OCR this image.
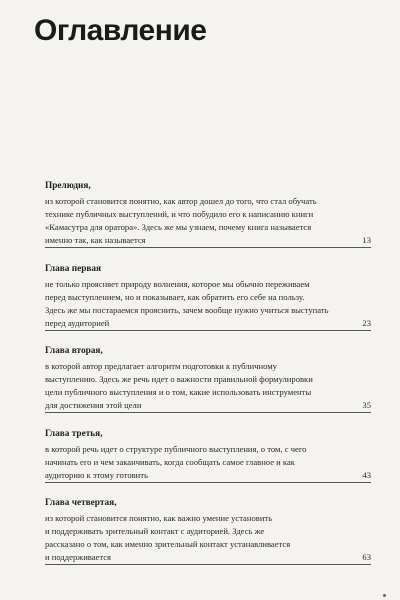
Оглавление
Прелюдия,
из которой становится понятно, как автор дошел до того, что стал обучать
технике публичных выступлений, и что побудило его к написанию книги
«Камасутра для оратора». Здесь же мы узнаем, почему книга называется
именно так, как называется	13
Глава первая
не только проясняет природу волнения, которое мы обычно переживаем
перед выступлением, но и показывает, как обратить его себе на пользу.
Здесь же мы постараемся прояснить, зачем вообще нужно учиться выступать
перед аудиторией	23
Глава вторая,
в которой автор предлагает алгоритм подготовки к публичному
выступлению. Здесь же речь идет о важности правильной формулировки
цели публичного выступления и о том, какие использовать инструменты
для достижения этой цели	35
Глава третья,
в которой речь идет о структуре публичного выступления, о том, с чего
начинать его и чем заканчивать, когда сообщать самое главное и как
аудиторию к этому готовить	43
Глава четвертая,
из которой становится понятно, как важно умение установить
и поддерживать зрительный контакт с аудиторией. Здесь же
рассказано о том, как именно зрительный контакт устанавливается
и поддерживается	63
